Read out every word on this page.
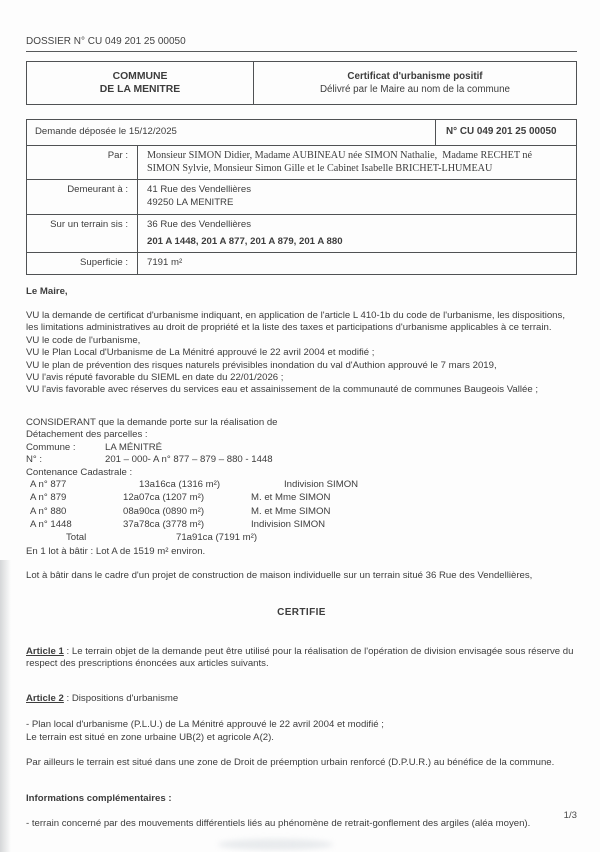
DOSSIER N° CU 049 201 25 00050
COMMUNE
DE LA MENITRE
Certificat d'urbanisme positif
Délivré par le Maire au nom de la commune
Demande déposée le 15/12/2025	N° CU 049 201 25 00050
Par :	Monsieur SIMON Didier, Madame AUBINEAU née SIMON Nathalie,  Madame RECHET né SIMON Sylvie, Monsieur Simon Gille et le Cabinet Isabelle BRICHET-LHUMEAU
Demeurant à :	41 Rue des Vendellières
49250 LA MENITRE
Sur un terrain sis :	36 Rue des Vendellières
201 A 1448, 201 A 877, 201 A 879, 201 A 880
Superficie :	7191 m²
Le Maire,
VU la demande de certificat d'urbanisme indiquant, en application de l'article L 410-1b du code de l'urbanisme, les dispositions, les limitations administratives au droit de propriété et la liste des taxes et participations d'urbanisme applicables à ce terrain.
VU le code de l'urbanisme,
VU le Plan Local d'Urbanisme de La Ménitré approuvé le 22 avril 2004 et modifié ;
VU le plan de prévention des risques naturels prévisibles inondation du val d'Authion approuvé le 7 mars 2019,
VU l'avis réputé favorable du SIEML en date du 22/01/2026 ;
VU l'avis favorable avec réserves du services eau et assainissement de la communauté de communes Baugeois Vallée ;
CONSIDERANT que la demande porte sur la réalisation de
Détachement des parcelles :
Commune :	LA MÉNITRÉ
N° :	201 – 000- A n° 877 – 879 – 880 - 1448
Contenance Cadastrale :
A n° 877	13a16ca (1316 m²)	Indivision SIMON
A n° 879	12a07ca (1207 m²)	M. et Mme SIMON
A n° 880	08a90ca (0890 m²)	M. et Mme SIMON
A n° 1448	37a78ca (3778 m²)	Indivision SIMON
Total	71a91ca (7191 m²)
En 1 lot à bâtir : Lot A de 1519 m² environ.
Lot à bâtir dans le cadre d'un projet de construction de maison individuelle sur un terrain situé 36 Rue des Vendellières,
CERTIFIE
Article 1 : Le terrain objet de la demande peut être utilisé pour la réalisation de l'opération de division envisagée sous réserve du respect des prescriptions énoncées aux articles suivants.
Article 2 : Dispositions d'urbanisme
- Plan local d'urbanisme (P.L.U.) de La Ménitré approuvé le 22 avril 2004 et modifié ;
Le terrain est situé en zone urbaine UB(2) et agricole A(2).
Par ailleurs le terrain est situé dans une zone de Droit de préemption urbain renforcé (D.P.U.R.) au bénéfice de la commune.
Informations complémentaires :
- terrain concerné par des mouvements différentiels liés au phénomène de retrait-gonflement des argiles (aléa moyen).
1/3
